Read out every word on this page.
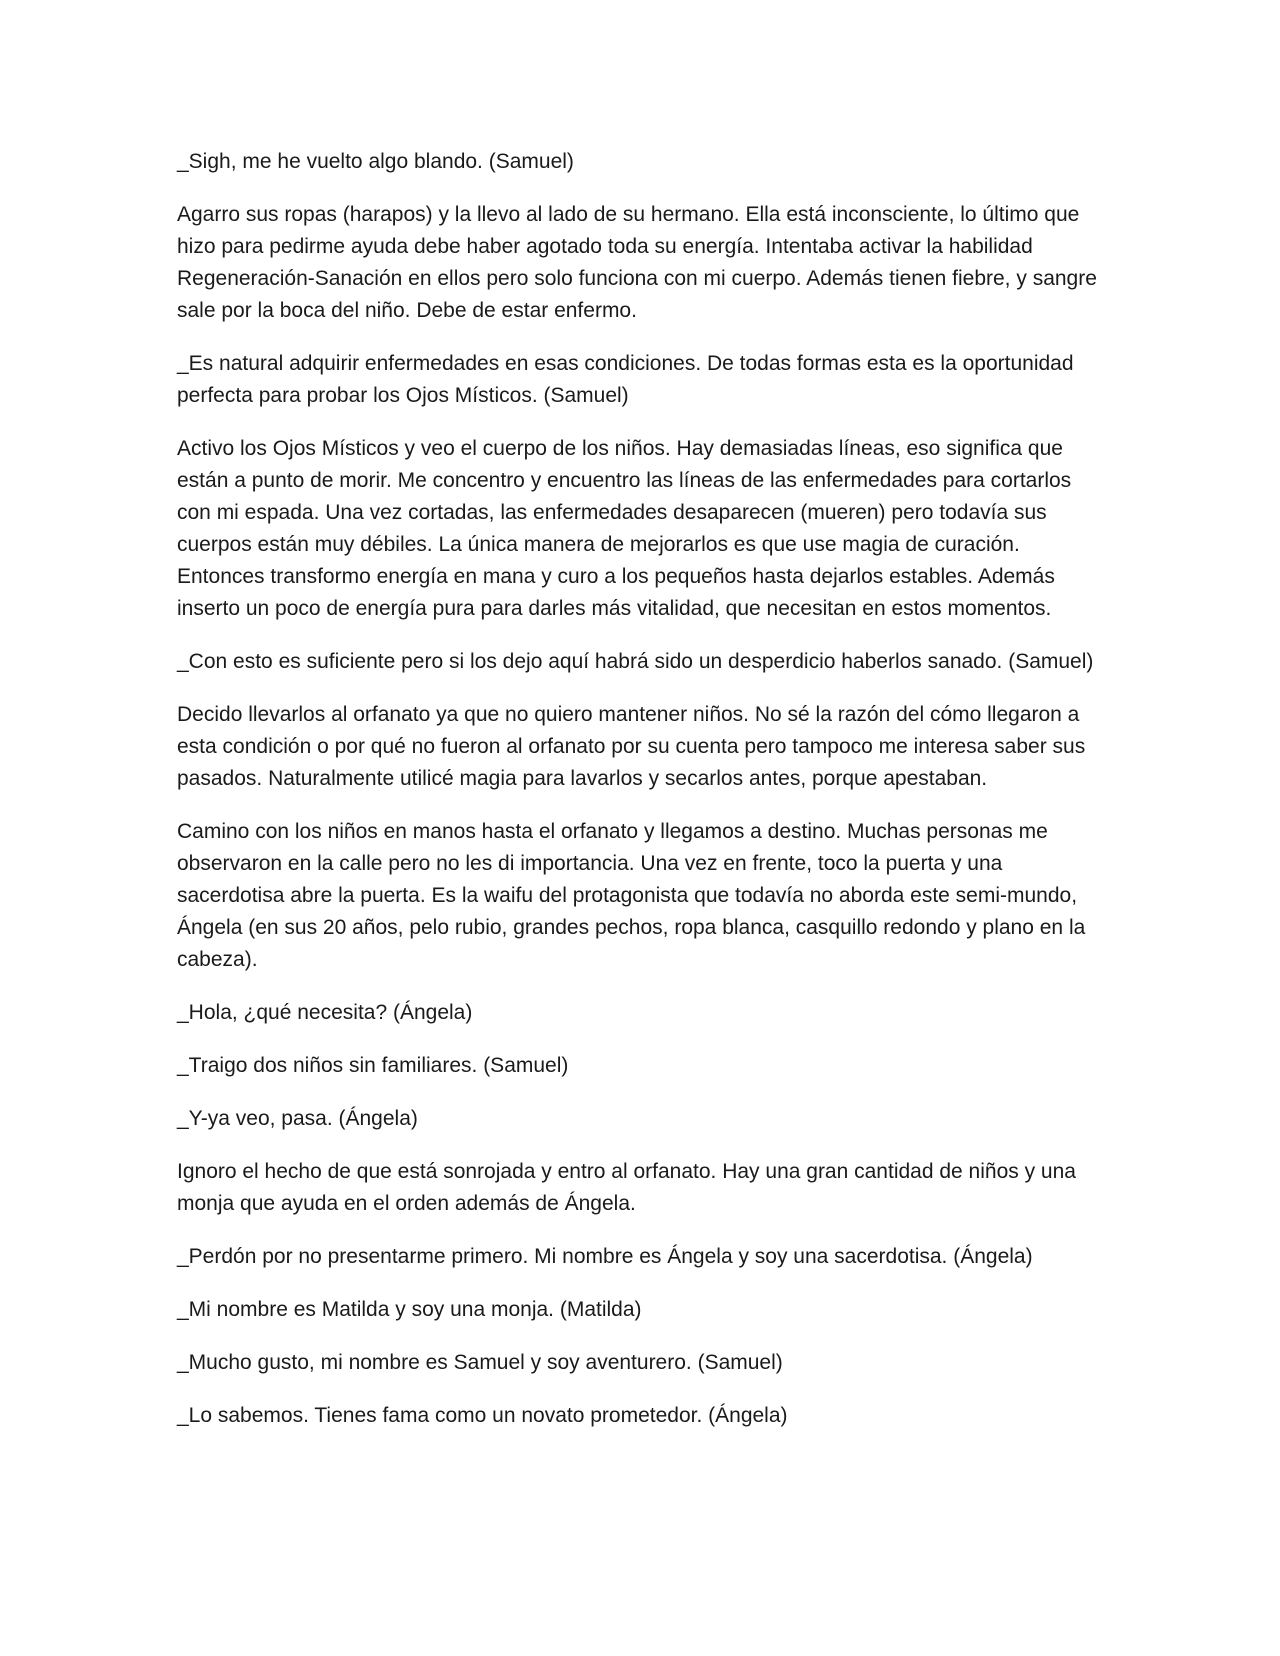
_Sigh, me he vuelto algo blando. (Samuel)

Agarro sus ropas (harapos) y la llevo al lado de su hermano. Ella está inconsciente, lo último que hizo para pedirme ayuda debe haber agotado toda su energía. Intentaba activar la habilidad Regeneración-Sanación en ellos pero solo funciona con mi cuerpo. Además tienen fiebre, y sangre sale por la boca del niño. Debe de estar enfermo.

_Es natural adquirir enfermedades en esas condiciones. De todas formas esta es la oportunidad perfecta para probar los Ojos Místicos. (Samuel)

Activo los Ojos Místicos y veo el cuerpo de los niños. Hay demasiadas líneas, eso significa que están a punto de morir. Me concentro y encuentro las líneas de las enfermedades para cortarlos con mi espada. Una vez cortadas, las enfermedades desaparecen (mueren) pero todavía sus cuerpos están muy débiles. La única manera de mejorarlos es que use magia de curación. Entonces transformo energía en mana y curo a los pequeños hasta dejarlos estables. Además inserto un poco de energía pura para darles más vitalidad, que necesitan en estos momentos.

_Con esto es suficiente pero si los dejo aquí habrá sido un desperdicio haberlos sanado. (Samuel)

Decido llevarlos al orfanato ya que no quiero mantener niños. No sé la razón del cómo llegaron a esta condición o por qué no fueron al orfanato por su cuenta pero tampoco me interesa saber sus pasados. Naturalmente utilicé magia para lavarlos y secarlos antes, porque apestaban.

Camino con los niños en manos hasta el orfanato y llegamos a destino. Muchas personas me observaron en la calle pero no les di importancia. Una vez en frente, toco la puerta y una sacerdotisa abre la puerta. Es la waifu del protagonista que todavía no aborda este semi-mundo, Ángela (en sus 20 años, pelo rubio, grandes pechos, ropa blanca, casquillo redondo y plano en la cabeza).

_Hola, ¿qué necesita? (Ángela)

_Traigo dos niños sin familiares. (Samuel)

_Y-ya veo, pasa. (Ángela)

Ignoro el hecho de que está sonrojada y entro al orfanato. Hay una gran cantidad de niños y una monja que ayuda en el orden además de Ángela.

_Perdón por no presentarme primero. Mi nombre es Ángela y soy una sacerdotisa. (Ángela)

_Mi nombre es Matilda y soy una monja. (Matilda)

_Mucho gusto, mi nombre es Samuel y soy aventurero. (Samuel)

_Lo sabemos. Tienes fama como un novato prometedor. (Ángela)
